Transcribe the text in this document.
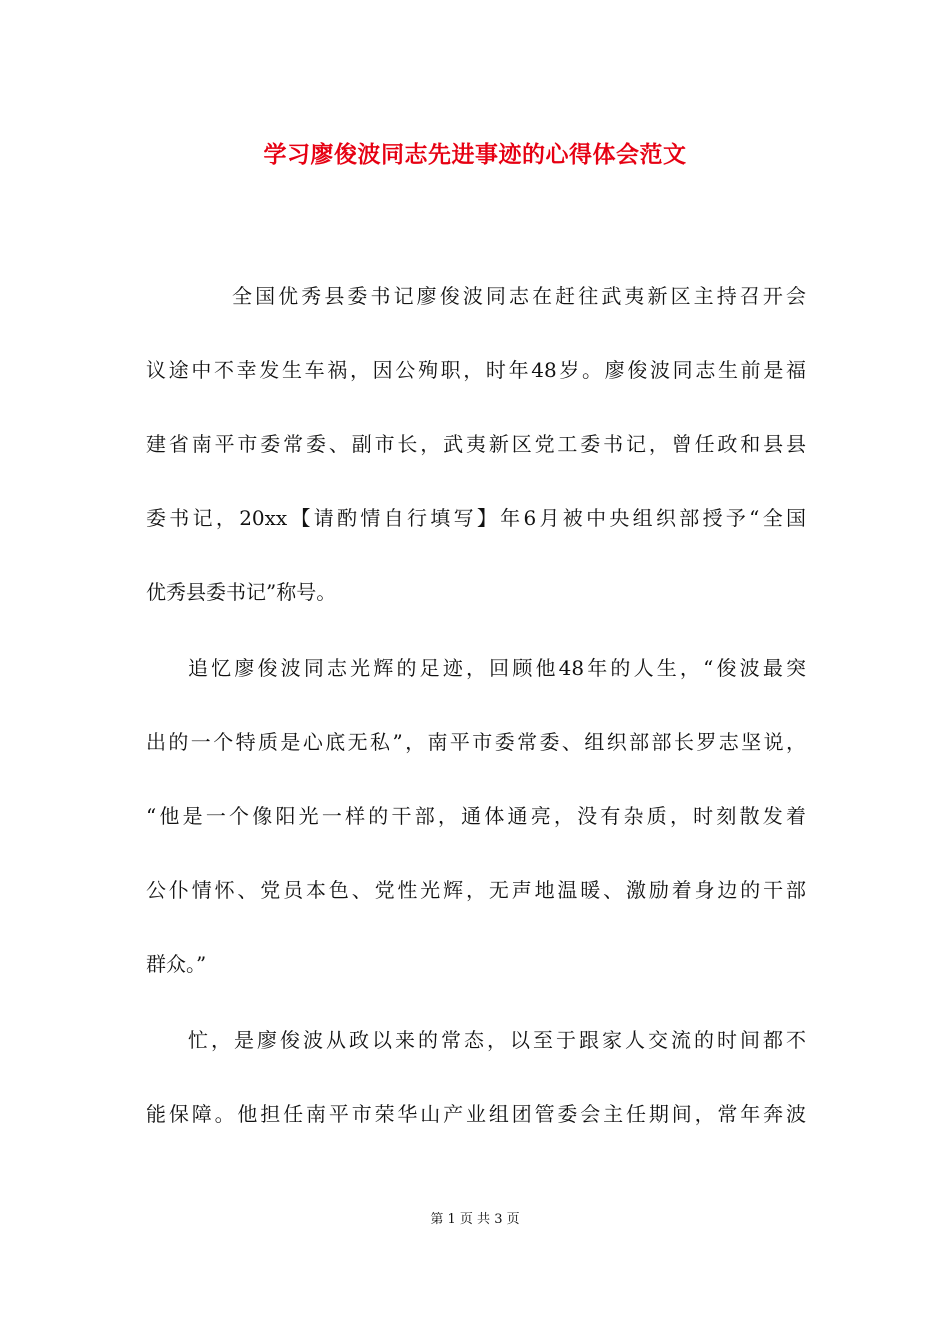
学习廖俊波同志先进事迹的心得体会范文
全国优秀县委书记廖俊波同志在赶往武夷新区主持召开会
议途中不幸发生车祸，因公殉职，时年48岁。廖俊波同志生前是福
建省南平市委常委、副市长，武夷新区党工委书记，曾任政和县县
委书记，20xx【请酌情自行填写】年6月被中央组织部授予“全国
优秀县委书记”称号。
追忆廖俊波同志光辉的足迹，回顾他48年的人生，“俊波最突
出的一个特质是心底无私”，南平市委常委、组织部部长罗志坚说，
“他是一个像阳光一样的干部，通体通亮，没有杂质，时刻散发着
公仆情怀、党员本色、党性光辉，无声地温暖、激励着身边的干部
群众。”
忙，是廖俊波从政以来的常态，以至于跟家人交流的时间都不
能保障。他担任南平市荣华山产业组团管委会主任期间，常年奔波
第 1 页 共 3 页
